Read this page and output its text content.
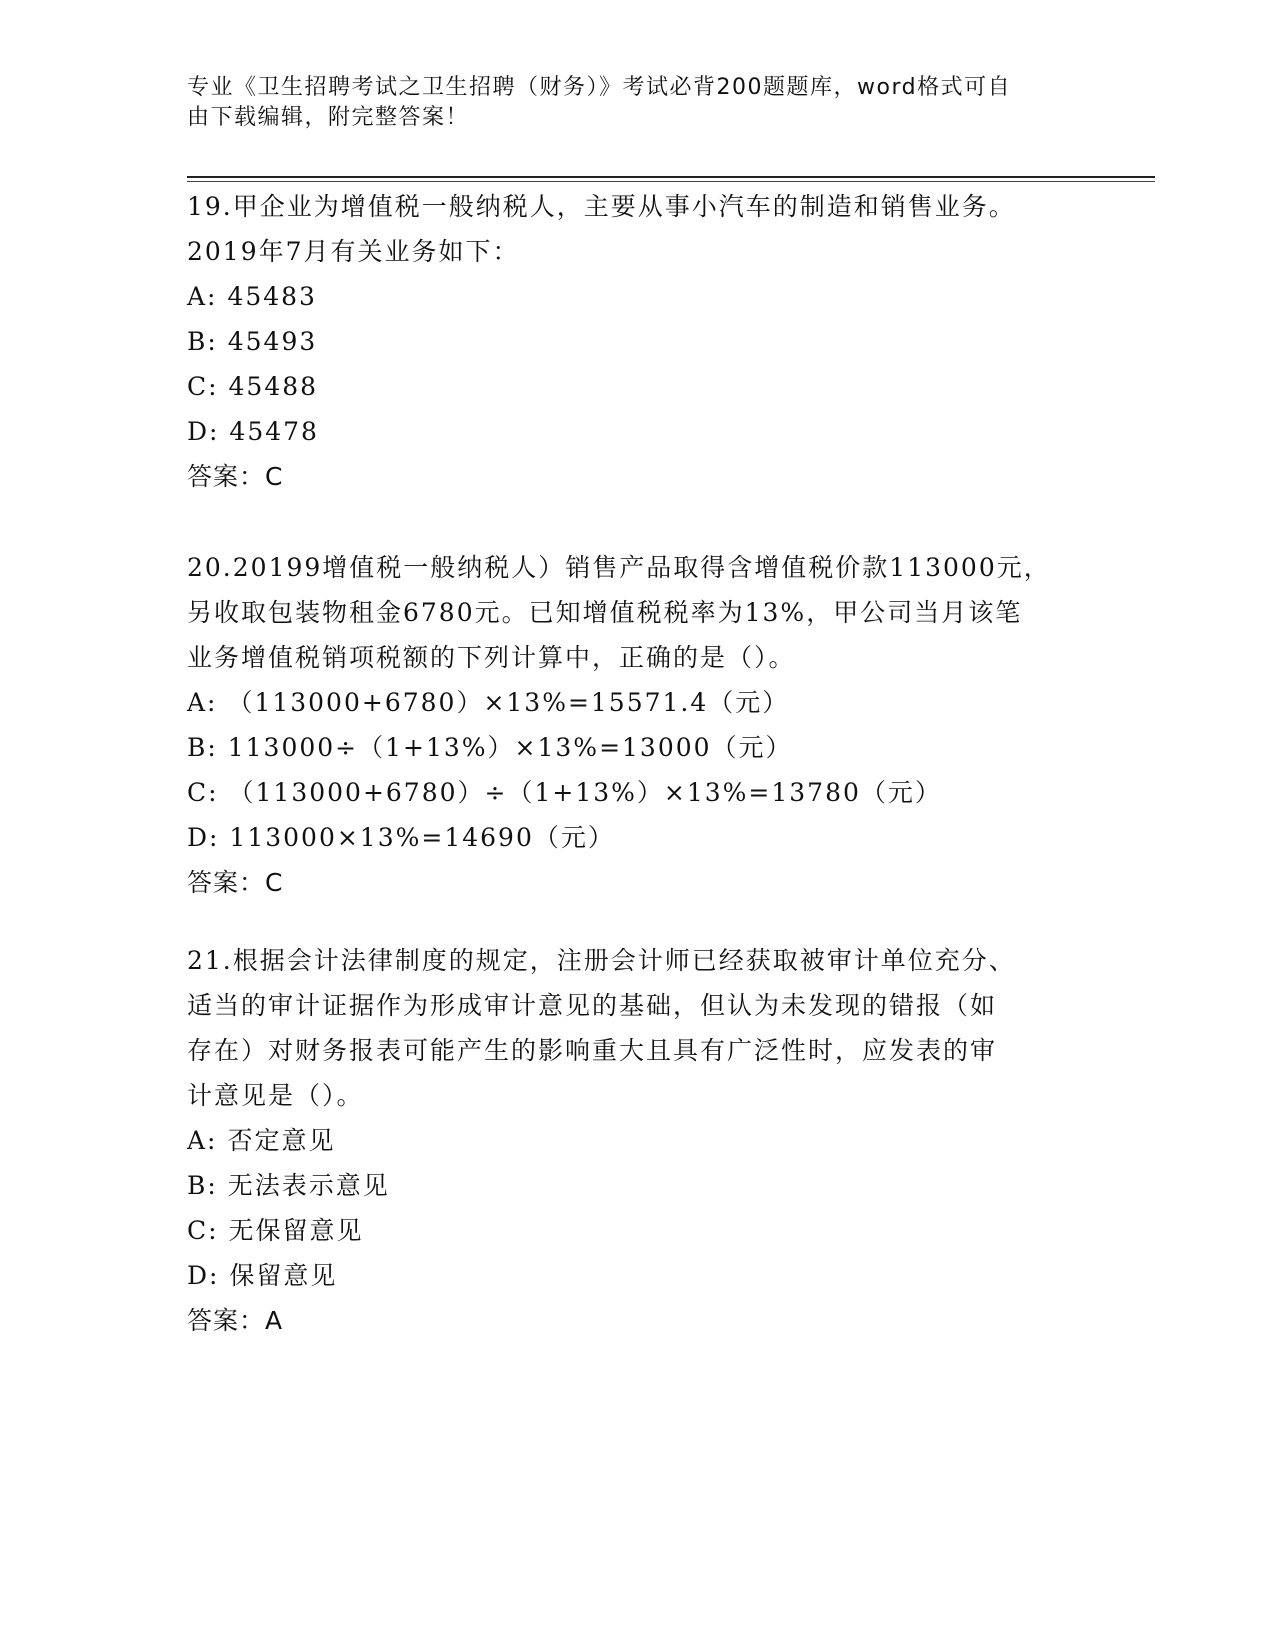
专业《卫生招聘考试之卫生招聘（财务）》考试必背200题题库，word格式可自
由下载编辑，附完整答案！

19.甲企业为增值税一般纳税人，主要从事小汽车的制造和销售业务。

2019年7月有关业务如下：

A: 45483

B: 45493

C: 45488

D: 45478

答案：C

20.20199增值税一般纳税人）销售产品取得含增值税价款113000元，

另收取包装物租金6780元。已知增值税税率为13%，甲公司当月该笔

业务增值税销项税额的下列计算中，正确的是（）。

A: （113000+6780）×13%=15571.4（元）

B: 113000÷（1+13%）×13%=13000（元）

C: （113000+6780）÷（1+13%）×13%=13780（元）

D: 113000×13%=14690（元）

答案：C

21.根据会计法律制度的规定，注册会计师已经获取被审计单位充分、

适当的审计证据作为形成审计意见的基础，但认为未发现的错报（如

存在）对财务报表可能产生的影响重大且具有广泛性时，应发表的审

计意见是（）。

A: 否定意见

B: 无法表示意见

C: 无保留意见

D: 保留意见

答案：A
